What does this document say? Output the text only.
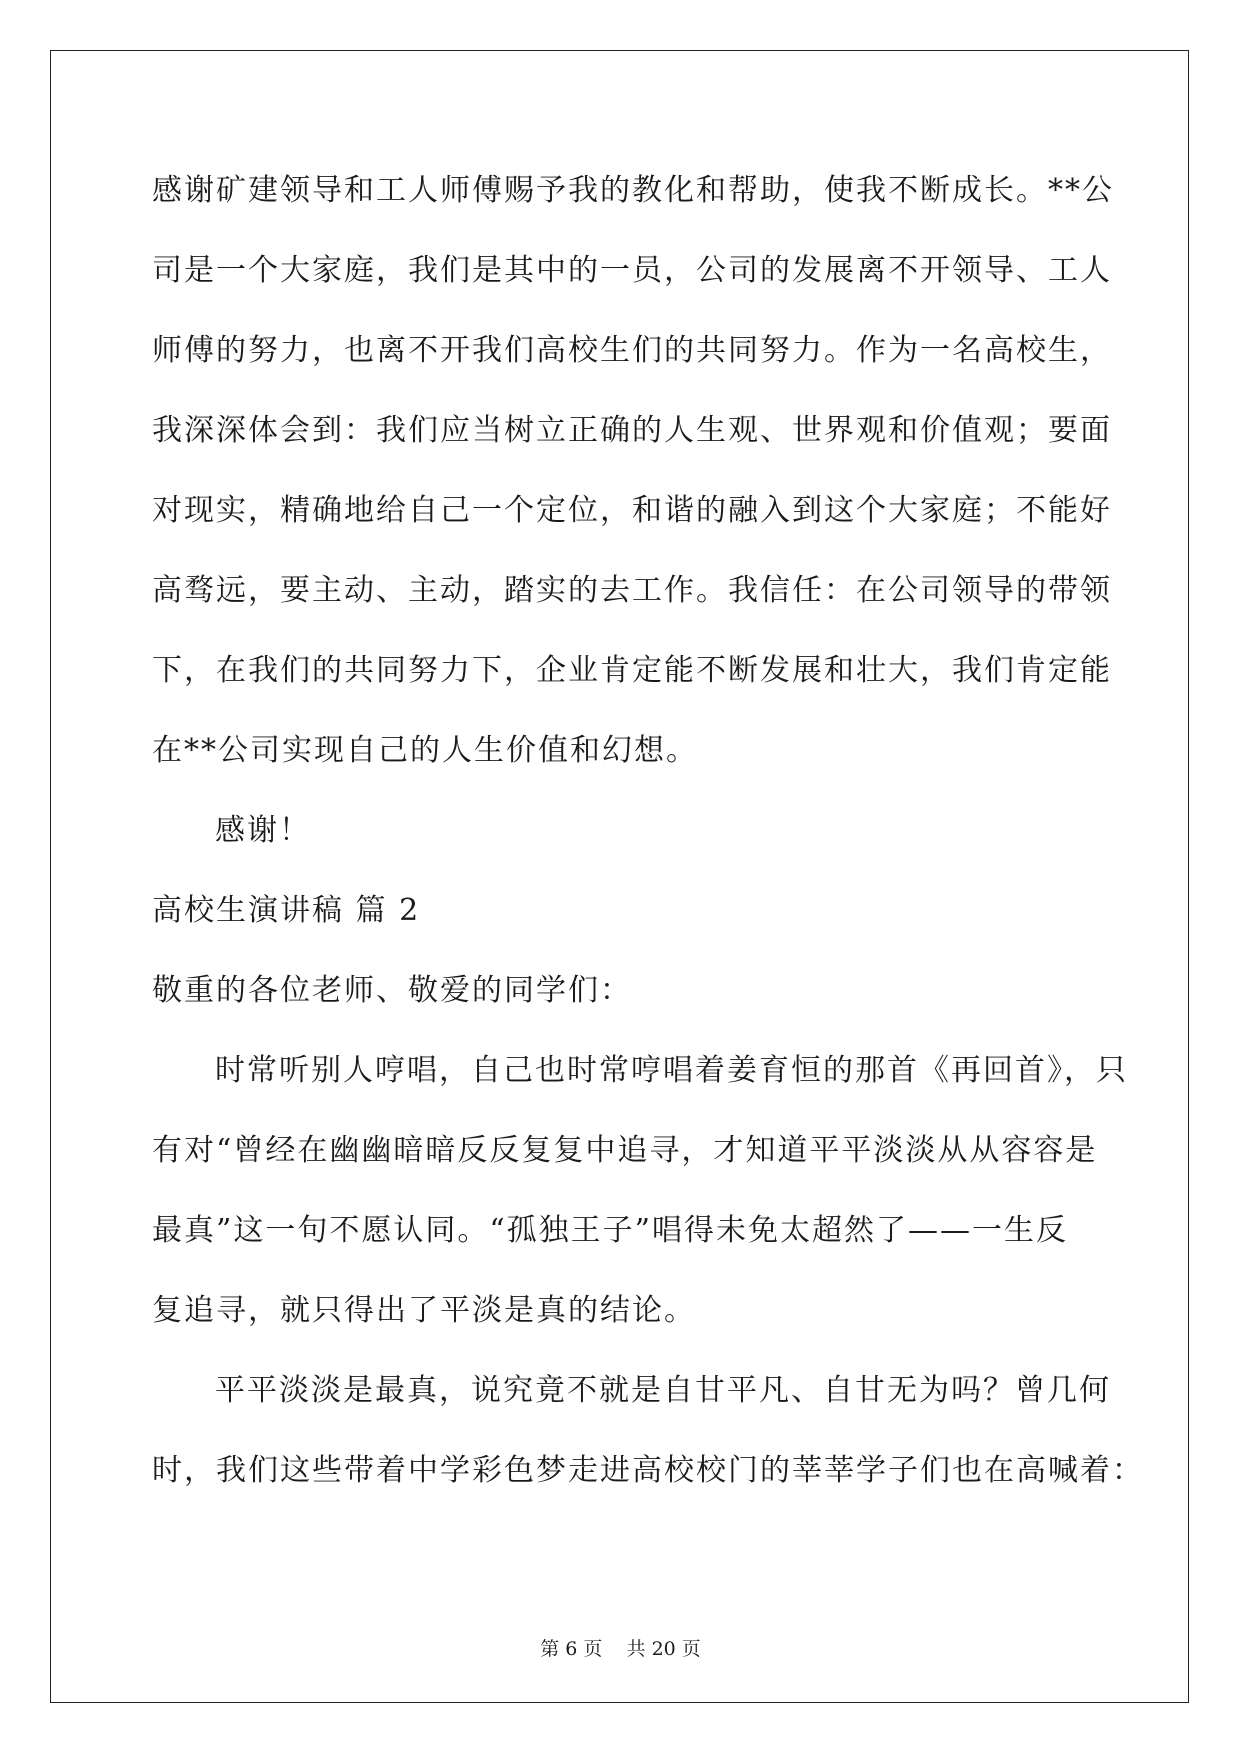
感谢矿建领导和工人师傅赐予我的教化和帮助，使我不断成长。**公
司是一个大家庭，我们是其中的一员，公司的发展离不开领导、工人
师傅的努力，也离不开我们高校生们的共同努力。作为一名高校生，
我深深体会到：我们应当树立正确的人生观、世界观和价值观；要面
对现实，精确地给自己一个定位，和谐的融入到这个大家庭；不能好
高骛远，要主动、主动，踏实的去工作。我信任：在公司领导的带领
下，在我们的共同努力下，企业肯定能不断发展和壮大，我们肯定能
在**公司实现自己的人生价值和幻想。
感谢！
高校生演讲稿 篇 2
敬重的各位老师、敬爱的同学们：
时常听别人哼唱，自己也时常哼唱着姜育恒的那首《再回首》，只
有对“曾经在幽幽暗暗反反复复中追寻，才知道平平淡淡从从容容是
最真”这一句不愿认同。“孤独王子”唱得未免太超然了——一生反
复追寻，就只得出了平淡是真的结论。
平平淡淡是最真，说究竟不就是自甘平凡、自甘无为吗？曾几何
时，我们这些带着中学彩色梦走进高校校门的莘莘学子们也在高喊着：
第 6 页    共 20 页
